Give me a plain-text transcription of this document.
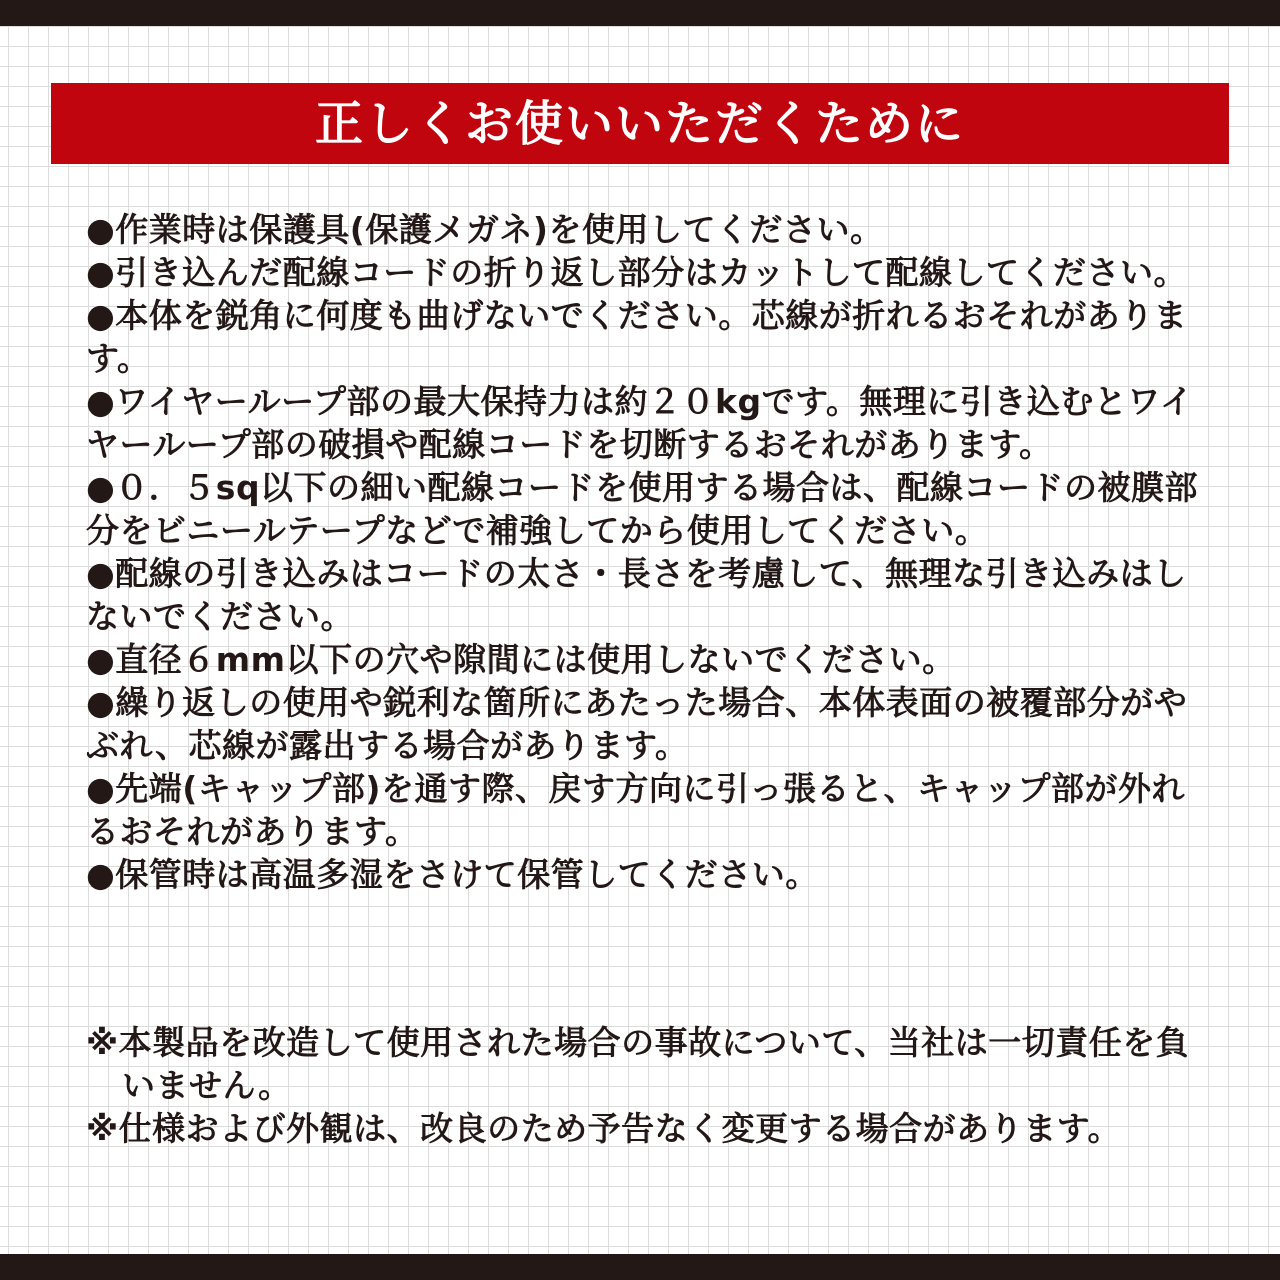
正しくお使いいただくために
●作業時は保護具(保護メガネ)を使用してください。
●引き込んだ配線コードの折り返し部分はカットして配線してください。
●本体を鋭角に何度も曲げないでください。芯線が折れるおそれがあります。
●ワイヤーループ部の最大保持力は約２０kgです。無理に引き込むとワイヤーループ部の破損や配線コードを切断するおそれがあります。
●０．５sq以下の細い配線コードを使用する場合は、配線コードの被膜部分をビニールテープなどで補強してから使用してください。
●配線の引き込みはコードの太さ・長さを考慮して、無理な引き込みはしないでください。
●直径６mm以下の穴や隙間には使用しないでください。
●繰り返しの使用や鋭利な箇所にあたった場合、本体表面の被覆部分がやぶれ、芯線が露出する場合があります。
●先端(キャップ部)を通す際、戻す方向に引っ張ると、キャップ部が外れるおそれがあります。
●保管時は高温多湿をさけて保管してください。
※本製品を改造して使用された場合の事故について、当社は一切責任を負いません。
※仕様および外観は、改良のため予告なく変更する場合があります。
